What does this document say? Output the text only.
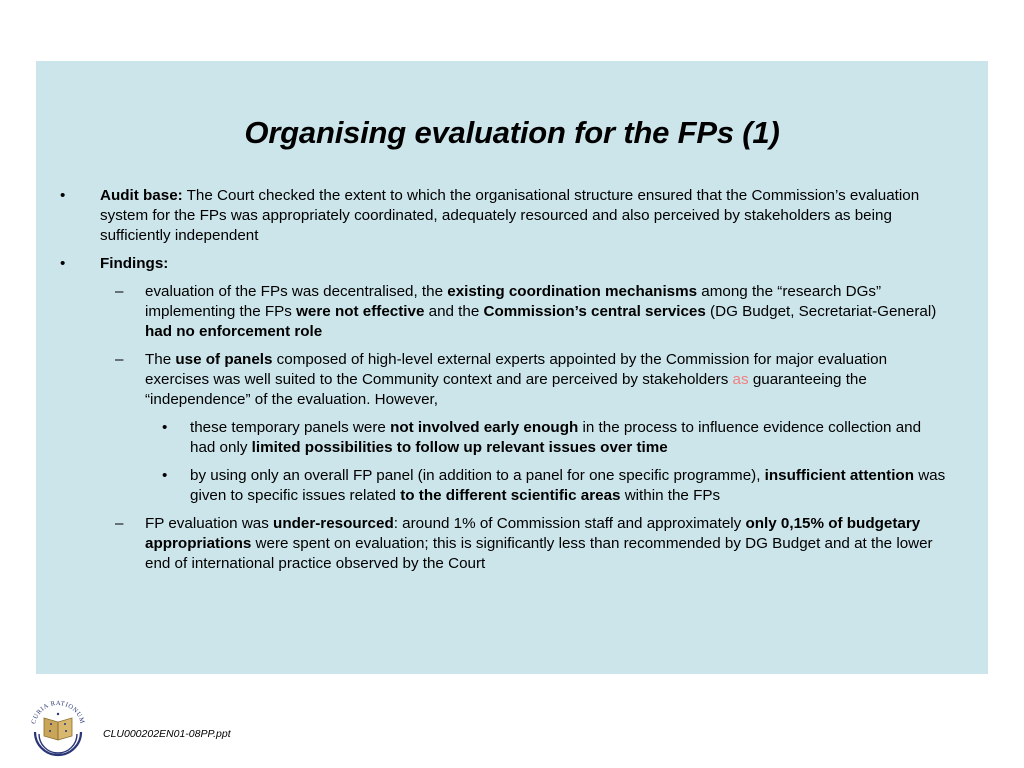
Organising evaluation for the FPs (1)
• Audit base: The Court checked the extent to which the organisational structure ensured that the Commission’s evaluation system for the FPs was appropriately coordinated, adequately resourced and also perceived by stakeholders as being sufficiently independent
• Findings:
– evaluation of the FPs was decentralised, the existing coordination mechanisms among the “research DGs” implementing the FPs were not effective and the Commission’s central services (DG Budget, Secretariat-General) had no enforcement role
– The use of panels composed of high-level external experts appointed by the Commission for major evaluation exercises was well suited to the Community context and are perceived by stakeholders as guaranteeing the “independence” of the evaluation. However,
• these temporary panels were not involved early enough in the process to influence evidence collection and had only limited possibilities to follow up relevant issues over time
• by using only an overall FP panel (in addition to a panel for one specific programme), insufficient attention was given to specific issues related to the different scientific areas within the FPs
– FP evaluation was under-resourced: around 1% of Commission staff and approximately only 0,15% of budgetary appropriations were spent on evaluation; this is significantly less than recommended by DG Budget and at the lower end of international practice observed by the Court
CURIA RATIONUM
CLU000202EN01-08PP.ppt
